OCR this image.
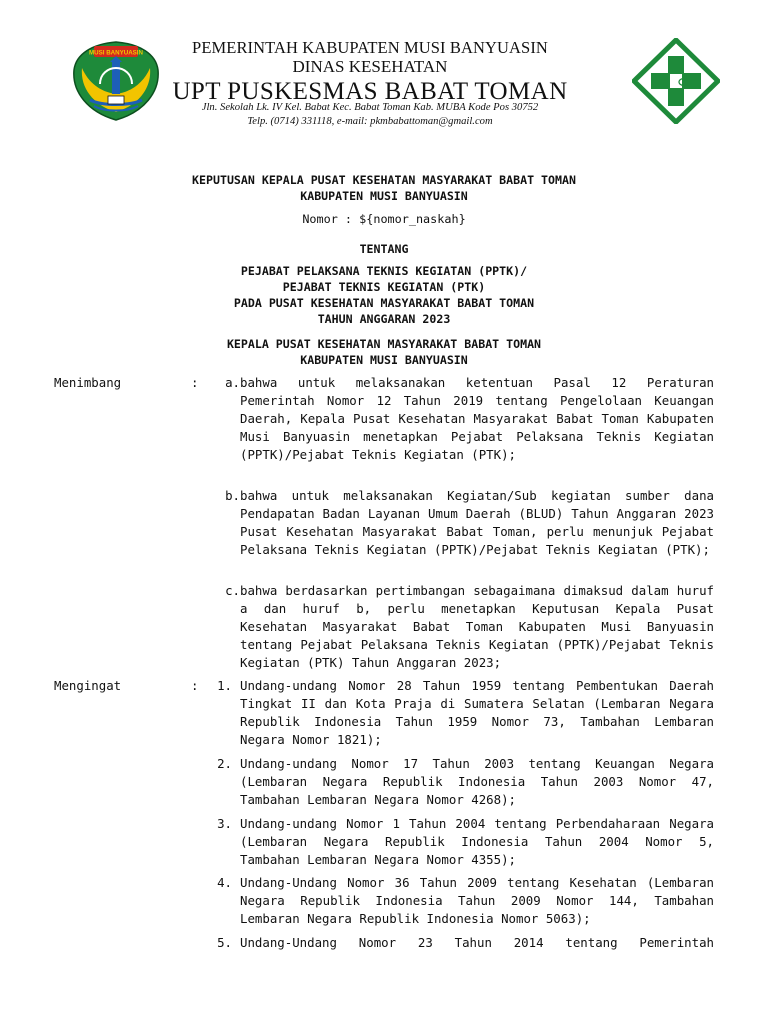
MUSI BANYUASIN	PEMERINTAH KABUPATEN MUSI BANYUASIN
DINAS KESEHATAN
UPT PUSKESMAS BABAT TOMAN
Jln. Sekolah Lk. IV Kel. Babat Kec. Babat Toman Kab. MUBA Kode Pos 30752
Telp. (0714) 331118, e-mail: pkmbabattoman@gmail.com
KEPUTUSAN KEPALA PUSAT KESEHATAN MASYARAKAT BABAT TOMAN
KABUPATEN MUSI BANYUASIN
Nomor : ${nomor_naskah}
TENTANG
PEJABAT PELAKSANA TEKNIS KEGIATAN (PPTK)/
PEJABAT TEKNIS KEGIATAN (PTK)
PADA PUSAT KESEHATAN MASYARAKAT BABAT TOMAN
TAHUN ANGGARAN 2023
KEPALA PUSAT KESEHATAN MASYARAKAT BABAT TOMAN
KABUPATEN MUSI BANYUASIN
Menimbang	:	a. bahwa untuk melaksanakan ketentuan Pasal 12 Peraturan Pemerintah Nomor 12 Tahun 2019 tentang Pengelolaan Keuangan Daerah, Kepala Pusat Kesehatan Masyarakat Babat Toman Kabupaten Musi Banyuasin menetapkan Pejabat Pelaksana Teknis Kegiatan (PPTK)/Pejabat Teknis Kegiatan (PTK);
b. bahwa untuk melaksanakan Kegiatan/Sub kegiatan sumber dana Pendapatan Badan Layanan Umum Daerah (BLUD) Tahun Anggaran 2023 Pusat Kesehatan Masyarakat Babat Toman, perlu menunjuk Pejabat Pelaksana Teknis Kegiatan (PPTK)/Pejabat Teknis Kegiatan (PTK);
c. bahwa berdasarkan pertimbangan sebagaimana dimaksud dalam huruf a dan huruf b, perlu menetapkan Keputusan Kepala Pusat Kesehatan Masyarakat Babat Toman Kabupaten Musi Banyuasin tentang Pejabat Pelaksana Teknis Kegiatan (PPTK)/Pejabat Teknis Kegiatan (PTK) Tahun Anggaran 2023;
Mengingat	:	1. Undang-undang Nomor 28 Tahun 1959 tentang Pembentukan Daerah Tingkat II dan Kota Praja di Sumatera Selatan (Lembaran Negara Republik Indonesia Tahun 1959 Nomor 73, Tambahan Lembaran Negara Nomor 1821);
2. Undang-undang Nomor 17 Tahun 2003 tentang Keuangan Negara (Lembaran Negara Republik Indonesia Tahun 2003 Nomor 47, Tambahan Lembaran Negara Nomor 4268);
3. Undang-undang Nomor 1 Tahun 2004 tentang Perbendaharaan Negara (Lembaran Negara Republik Indonesia Tahun 2004 Nomor 5, Tambahan Lembaran Negara Nomor 4355);
4. Undang-Undang Nomor 36 Tahun 2009 tentang Kesehatan (Lembaran Negara Republik Indonesia Tahun 2009 Nomor 144, Tambahan Lembaran Negara Republik Indonesia Nomor 5063);
5. Undang-Undang Nomor 23 Tahun 2014 tentang Pemerintah
